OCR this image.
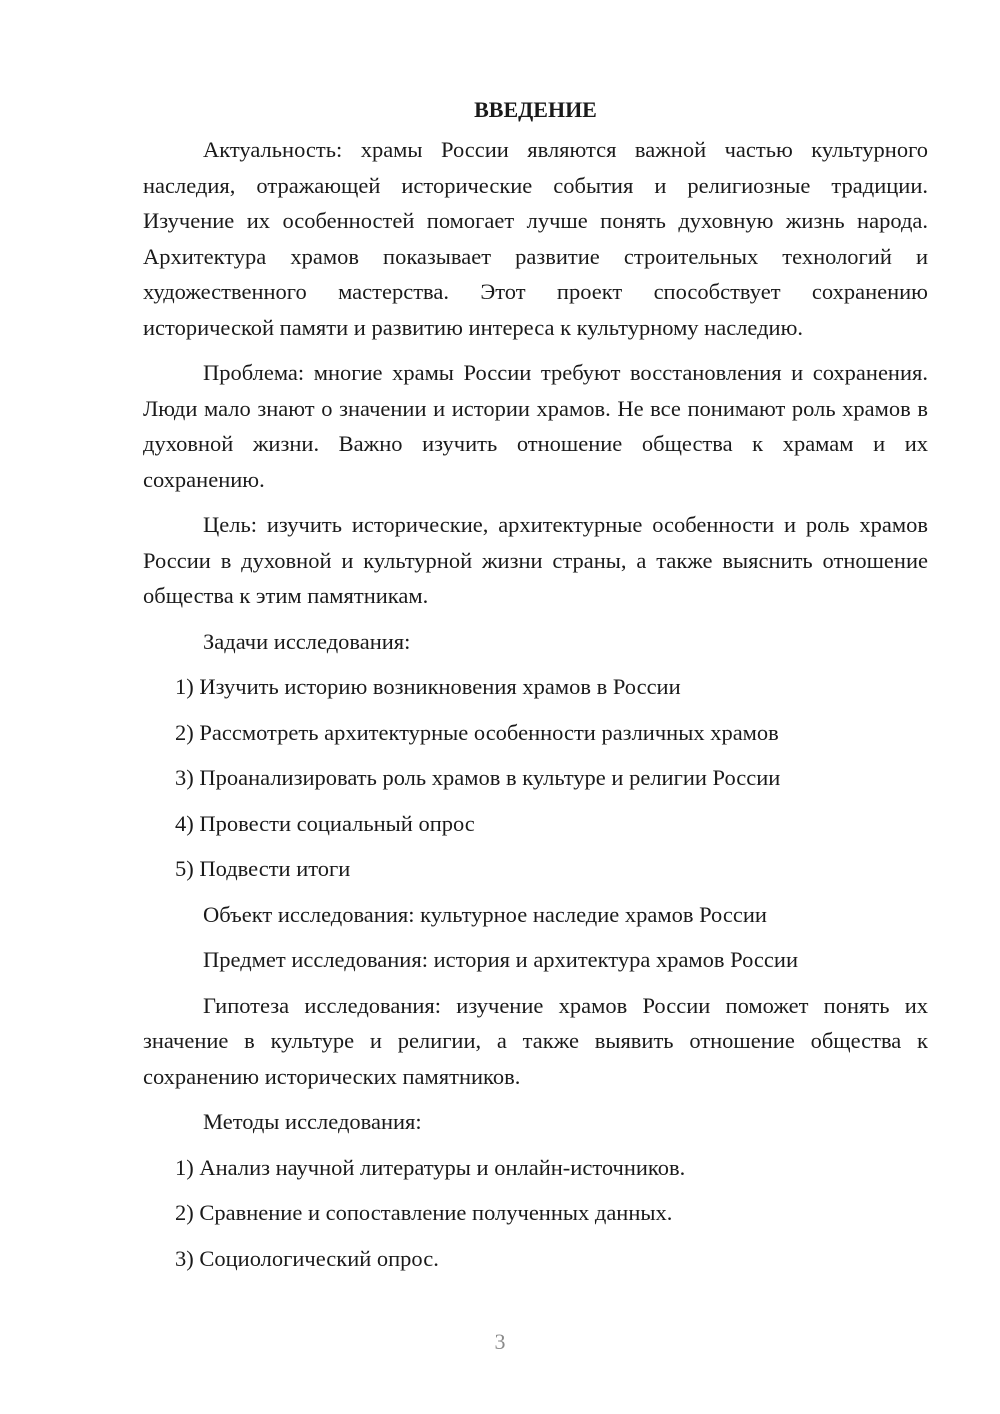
ВВЕДЕНИЕ

Актуальность: храмы России являются важной частью культурного наследия, отражающей исторические события и религиозные традиции. Изучение их особенностей помогает лучше понять духовную жизнь народа. Архитектура храмов показывает развитие строительных технологий и художественного мастерства. Этот проект способствует сохранению исторической памяти и развитию интереса к культурному наследию.

Проблема: многие храмы России требуют восстановления и сохранения. Люди мало знают о значении и истории храмов. Не все понимают роль храмов в духовной жизни. Важно изучить отношение общества к храмам и их сохранению.

Цель: изучить исторические, архитектурные особенности и роль храмов России в духовной и культурной жизни страны, а также выяснить отношение общества к этим памятникам.

Задачи исследования:

1) Изучить историю возникновения храмов в России
2) Рассмотреть архитектурные особенности различных храмов
3) Проанализировать роль храмов в культуре и религии России
4) Провести социальный опрос
5) Подвести итоги

Объект исследования: культурное наследие храмов России

Предмет исследования: история и архитектура храмов России

Гипотеза исследования: изучение храмов России поможет понять их значение в культуре и религии, а также выявить отношение общества к сохранению исторических памятников.

Методы исследования:

1) Анализ научной литературы и онлайн-источников.
2) Сравнение и сопоставление полученных данных.
3) Социологический опрос.
3
